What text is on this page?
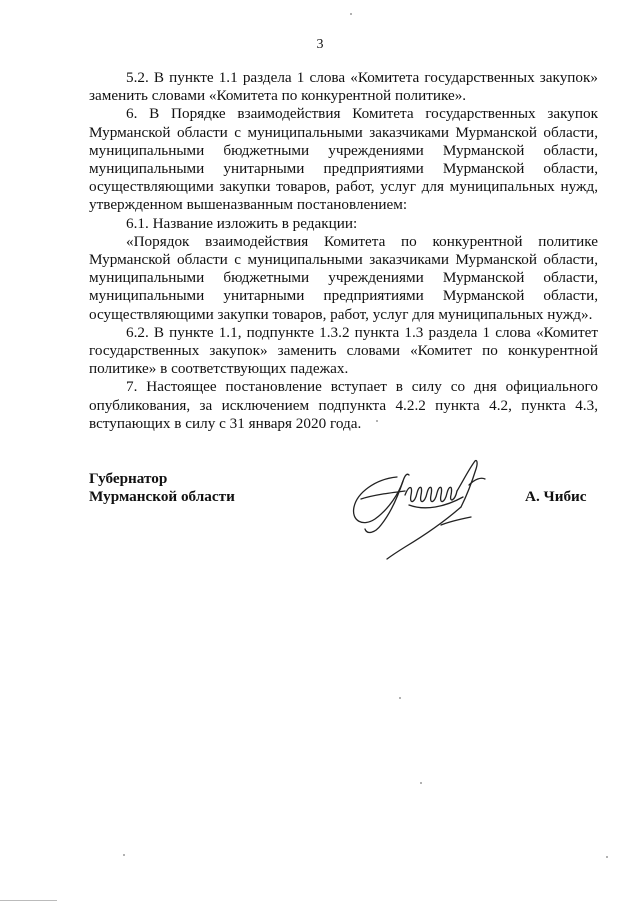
3

5.2. В пункте 1.1 раздела 1 слова «Комитета государственных закупок» заменить словами «Комитета по конкурентной политике».

6. В Порядке взаимодействия Комитета государственных закупок Мурманской области с муниципальными заказчиками Мурманской области, муниципальными бюджетными учреждениями Мурманской области, муниципальными унитарными предприятиями Мурманской области, осуществляющими закупки товаров, работ, услуг для муниципальных нужд, утвержденном вышеназванным постановлением:

6.1. Название изложить в редакции:

«Порядок взаимодействия Комитета по конкурентной политике Мурманской области с муниципальными заказчиками Мурманской области, муниципальными бюджетными учреждениями Мурманской области, муниципальными унитарными предприятиями Мурманской области, осуществляющими закупки товаров, работ, услуг для муниципальных нужд».

6.2. В пункте 1.1, подпункте 1.3.2 пункта 1.3 раздела 1 слова «Комитет государственных закупок» заменить словами «Комитет по конкурентной политике» в соответствующих падежах.

7. Настоящее постановление вступает в силу со дня официального опубликования, за исключением подпункта 4.2.2 пункта 4.2, пункта 4.3, вступающих в силу с 31 января 2020 года.

Губернатор
Мурманской области	А. Чибис
